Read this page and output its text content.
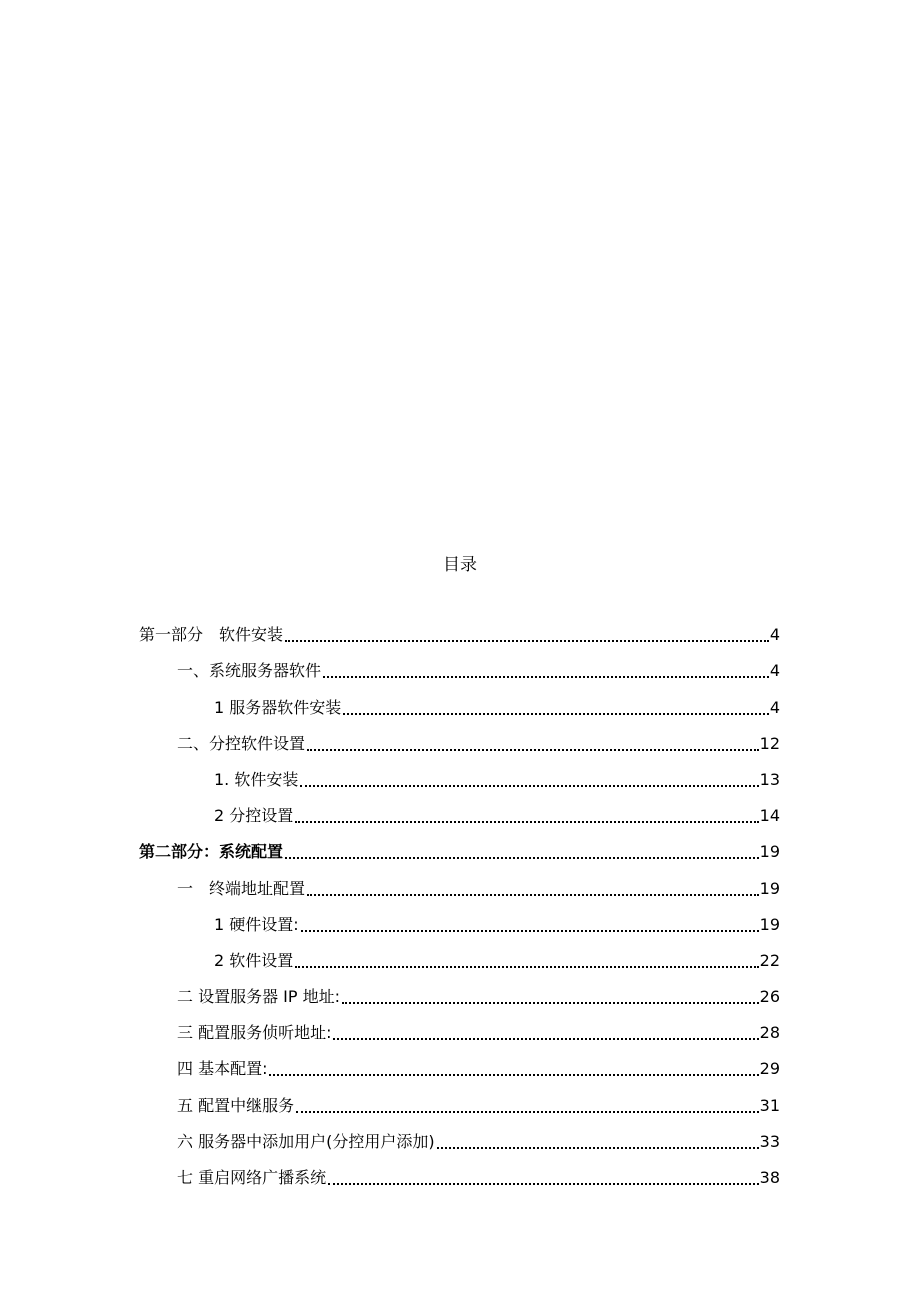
目录
第一部分　软件安装	4
一、系统服务器软件	4
1 服务器软件安装	4
二、分控软件设置	12
1. 软件安装	13
2 分控设置	14
第二部分：系统配置	19
一　终端地址配置	19
1 硬件设置:	19
2 软件设置	22
二 设置服务器 IP 地址:	26
三 配置服务侦听地址:	28
四 基本配置:	29
五 配置中继服务	31
六 服务器中添加用户(分控用户添加)	33
七 重启网络广播系统	38
